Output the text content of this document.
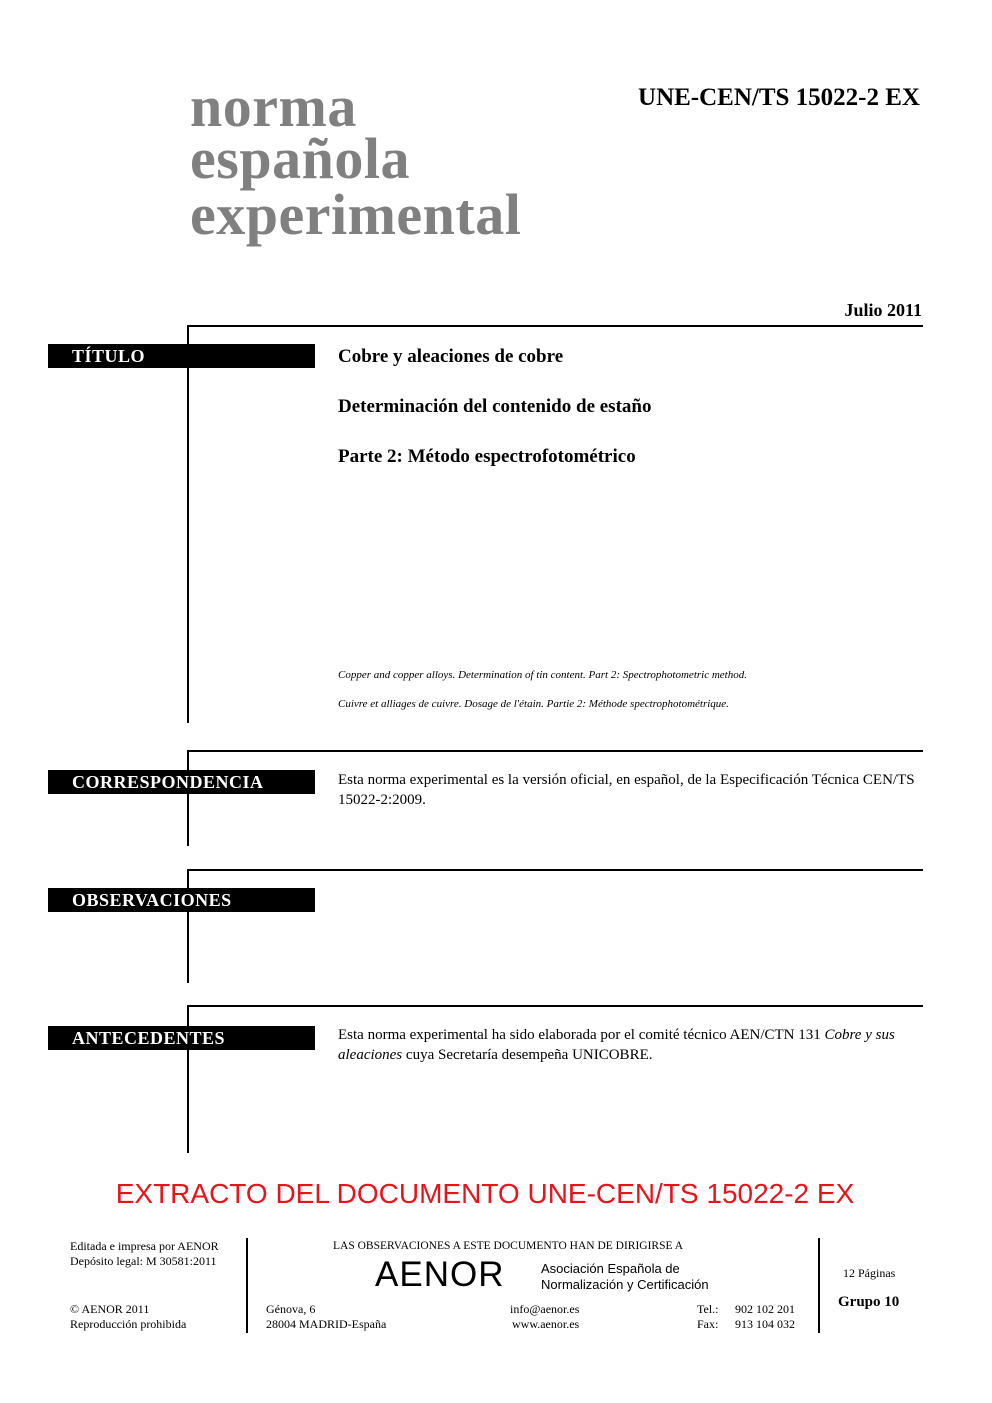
norma
española
experimental
UNE-CEN/TS 15022-2 EX
Julio 2011
TÍTULO	Cobre y aleaciones de cobre
Determinación del contenido de estaño
Parte 2: Método espectrofotométrico
Copper and copper alloys. Determination of tin content. Part 2: Spectrophotometric method.
Cuivre et alliages de cuivre. Dosage de l'étain. Partie 2: Méthode spectrophotométrique.
CORRESPONDENCIA	Esta norma experimental es la versión oficial, en español, de la Especificación Técnica CEN/TS 15022-2:2009.
OBSERVACIONES
ANTECEDENTES	Esta norma experimental ha sido elaborada por el comité técnico AEN/CTN 131 Cobre y sus aleaciones cuya Secretaría desempeña UNICOBRE.
EXTRACTO DEL DOCUMENTO UNE-CEN/TS 15022-2 EX
Editada e impresa por AENOR
Depósito legal: M 30581:2011
© AENOR 2011
Reproducción prohibida
LAS OBSERVACIONES A ESTE DOCUMENTO HAN DE DIRIGIRSE A
AENOR	Asociación Española de
Normalización y Certificación
Génova, 6
28004 MADRID-España
info@aenor.es
www.aenor.es
Tel.: 902 102 201
Fax: 913 104 032
12 Páginas
Grupo 10
